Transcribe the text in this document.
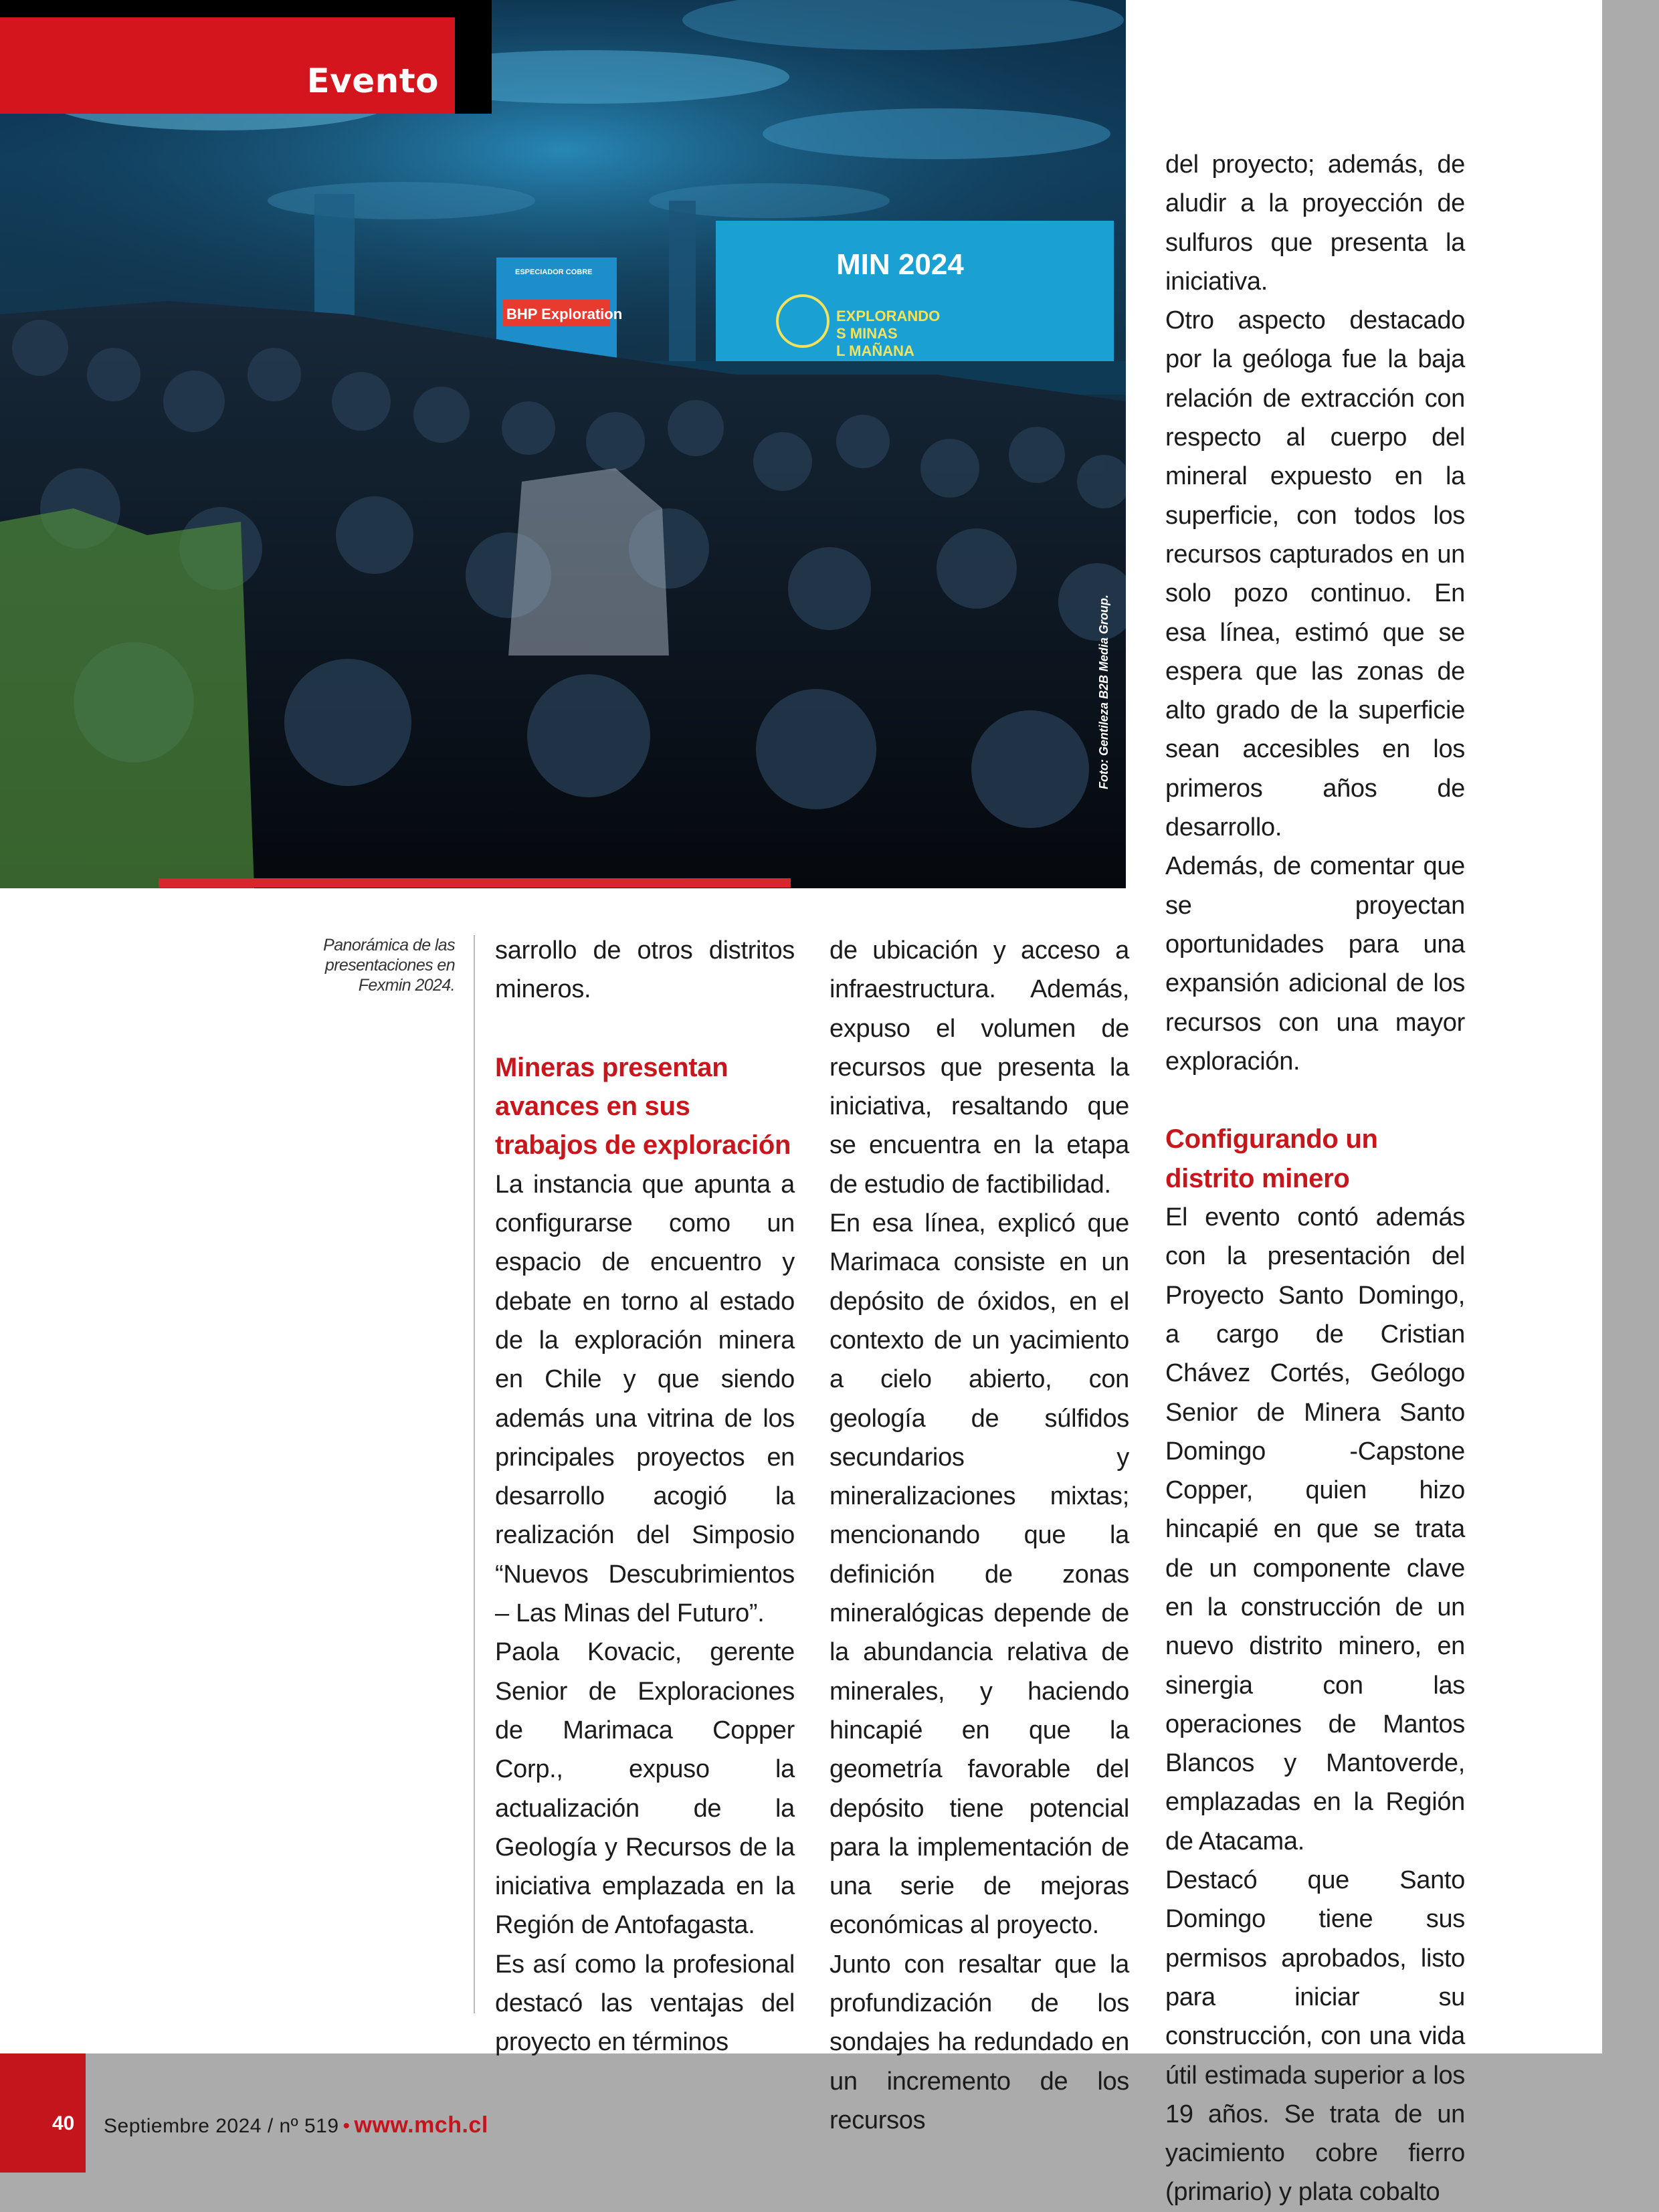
BHP Exploration
ESPECIADOR COBRE	MIN 2024
EXPLORANDO
S MINAS
L MAÑANA
Foto: Gentileza B2B Media Group.
Evento
Panorámica de las presentaciones en Fexmin 2024.

sarrollo de otros distritos mineros.

Mineras presentan avances en sus trabajos de exploración

La instancia que apunta a configurarse como un espacio de encuentro y debate en torno al estado de la exploración minera en Chile y que siendo además una vitrina de los principales proyectos en desarrollo acogió la realización del Simposio “Nuevos Descubrimientos – Las Minas del Futuro”.

Paola Kovacic, gerente Senior de Exploraciones de Marimaca Copper Corp., expuso la actualización de la Geología y Recursos de la iniciativa emplazada en la Región de Antofagasta.

Es así como la profesional destacó las ventajas del proyecto en términos

de ubicación y acceso a infraestructura. Además, expuso el volumen de recursos que presenta la iniciativa, resaltando que se encuentra en la etapa de estudio de factibilidad.

En esa línea, explicó que Marimaca consiste en un depósito de óxidos, en el contexto de un yacimiento a cielo abierto, con geología de súlfidos secundarios y mineralizaciones mixtas; mencionando que la definición de zonas mineralógicas depende de la abundancia relativa de minerales, y haciendo hincapié en que la geometría favorable del depósito tiene potencial para la implementación de una serie de mejoras económicas al proyecto.

Junto con resaltar que la profundización de los sondajes ha redundado en un incremento de los recursos

del proyecto; además, de aludir a la proyección de sulfuros que presenta la iniciativa.

Otro aspecto destacado por la geóloga fue la baja relación de extracción con respecto al cuerpo del mineral expuesto en la superficie, con todos los recursos capturados en un solo pozo continuo. En esa línea, estimó que se espera que las zonas de alto grado de la superficie sean accesibles en los primeros años de desarrollo.

Además, de comentar que se proyectan oportunidades para una expansión adicional de los recursos con una mayor exploración.

Configurando un distrito minero

El evento contó además con la presentación del Proyecto Santo Domingo, a cargo de Cristian Chávez Cortés, Geólogo Senior de Minera Santo Domingo -Capstone Copper, quien hizo hincapié en que se trata de un componente clave en la construcción de un nuevo distrito minero, en sinergia con las operaciones de Mantos Blancos y Mantoverde, emplazadas en la Región de Atacama.

Destacó que Santo Domingo tiene sus permisos aprobados, listo para iniciar su construcción, con una vida útil estimada superior a los 19 años. Se trata de un yacimiento cobre fierro (primario) y plata cobalto

40 Septiembre 2024 / nº 519 • www.mch.cl
